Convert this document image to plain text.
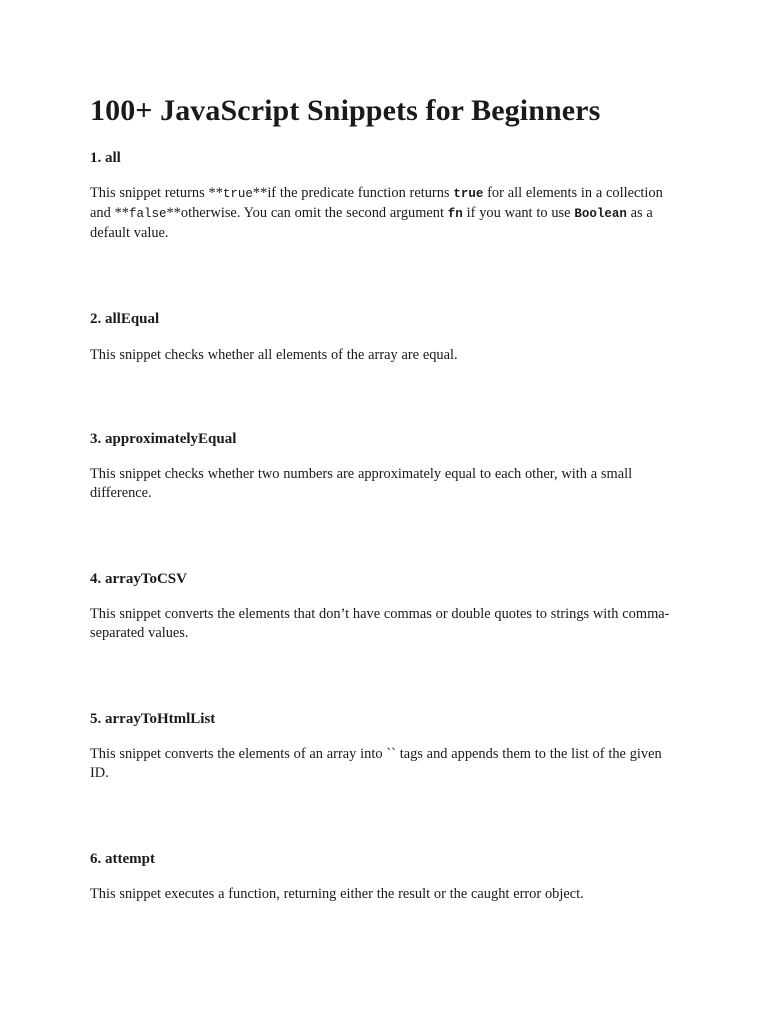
100+ JavaScript Snippets for Beginners
1. all

This snippet returns **true**if the predicate function returns true for all elements in a collection and **false**otherwise. You can omit the second argument fn if you want to use Boolean as a default value.

2. allEqual

This snippet checks whether all elements of the array are equal.

3. approximatelyEqual

This snippet checks whether two numbers are approximately equal to each other, with a small difference.

4. arrayToCSV

This snippet converts the elements that don’t have commas or double quotes to strings with comma-separated values.

5. arrayToHtmlList

This snippet converts the elements of an array into `` tags and appends them to the list of the given ID.

6. attempt

This snippet executes a function, returning either the result or the caught error object.
